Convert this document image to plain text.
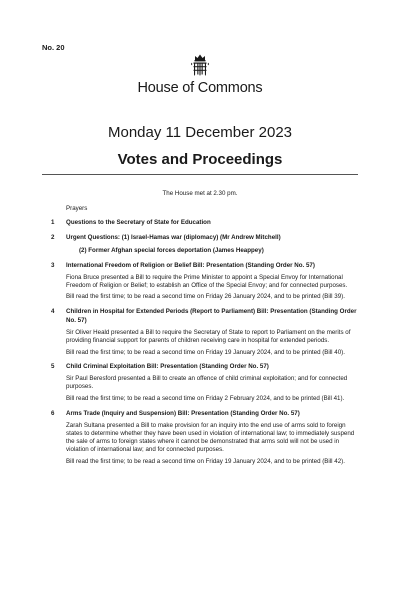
No. 20
House of Commons
Monday 11 December 2023
Votes and Proceedings
The House met at 2.30 pm.
Prayers
1 Questions to the Secretary of State for Education
2 Urgent Questions: (1) Israel-Hamas war (diplomacy) (Mr Andrew Mitchell)
(2) Former Afghan special forces deportation (James Heappey)
3 International Freedom of Religion or Belief Bill: Presentation (Standing Order No. 57)
Fiona Bruce presented a Bill to require the Prime Minister to appoint a Special Envoy for International Freedom of Religion or Belief; to establish an Office of the Special Envoy; and for connected purposes.
Bill read the first time; to be read a second time on Friday 26 January 2024, and to be printed (Bill 39).
4 Children in Hospital for Extended Periods (Report to Parliament) Bill: Presentation (Standing Order No. 57)
Sir Oliver Heald presented a Bill to require the Secretary of State to report to Parliament on the merits of providing financial support for parents of children receiving care in hospital for extended periods.
Bill read the first time; to be read a second time on Friday 19 January 2024, and to be printed (Bill 40).
5 Child Criminal Exploitation Bill: Presentation (Standing Order No. 57)
Sir Paul Beresford presented a Bill to create an offence of child criminal exploitation; and for connected purposes.
Bill read the first time; to be read a second time on Friday 2 February 2024, and to be printed (Bill 41).
6 Arms Trade (Inquiry and Suspension) Bill: Presentation (Standing Order No. 57)
Zarah Sultana presented a Bill to make provision for an inquiry into the end use of arms sold to foreign states to determine whether they have been used in violation of international law; to immediately suspend the sale of arms to foreign states where it cannot be demonstrated that arms sold will not be used in violation of international law; and for connected purposes.
Bill read the first time; to be read a second time on Friday 19 January 2024, and to be printed (Bill 42).
